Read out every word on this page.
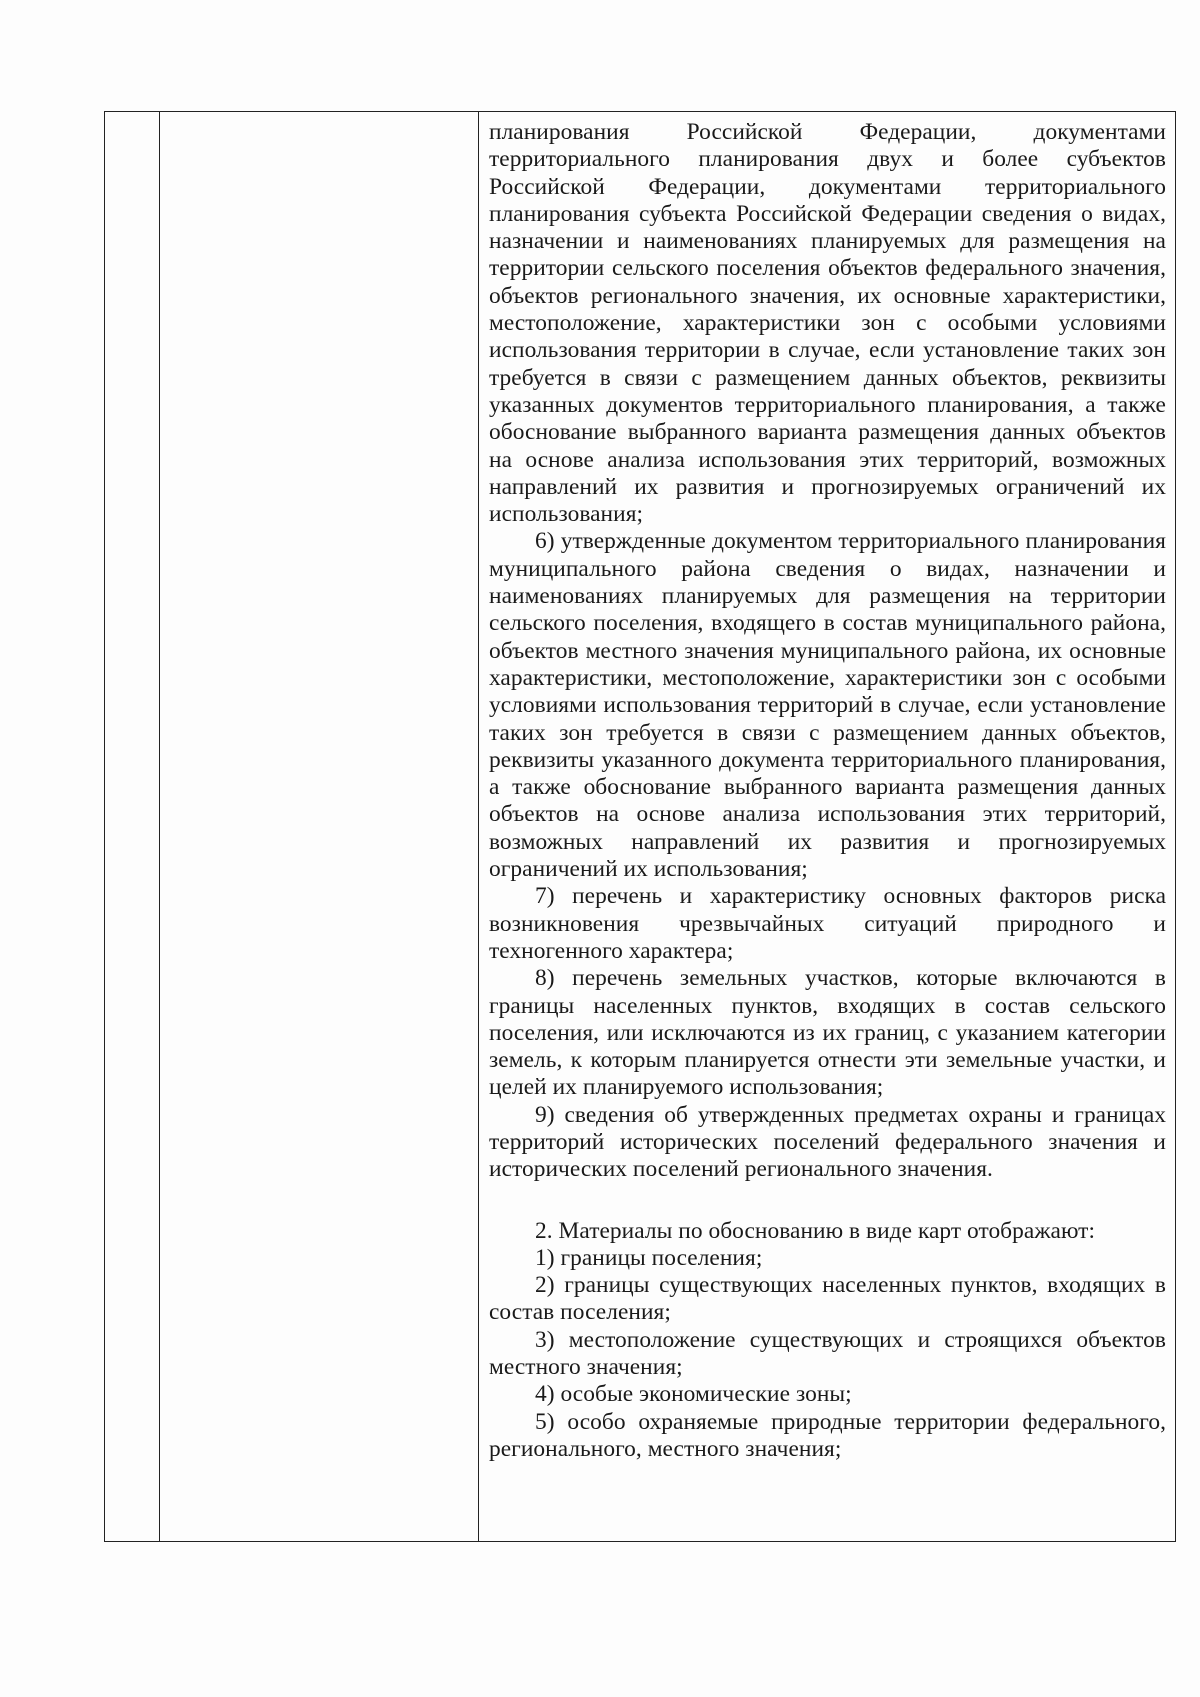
планирования Российской Федерации, документами территориального планирования двух и более субъектов Российской Федерации, документами территориального планирования субъекта Российской Федерации сведения о видах, назначении и наименованиях планируемых для размещения на территории сельского поселения объектов федерального значения, объектов регионального значения, их основные характеристики, местоположение, характеристики зон с особыми условиями использования территории в случае, если установление таких зон требуется в связи с размещением данных объектов, реквизиты указанных документов территориального планирования, а также обоснование выбранного варианта размещения данных объектов на основе анализа использования этих территорий, возможных направлений их развития и прогнозируемых ограничений их использования;

6) утвержденные документом территориального планирования муниципального района сведения о видах, назначении и наименованиях планируемых для размещения на территории сельского поселения, входящего в состав муниципального района, объектов местного значения муниципального района, их основные характеристики, местоположение, характеристики зон с особыми условиями использования территорий в случае, если установление таких зон требуется в связи с размещением данных объектов, реквизиты указанного документа территориального планирования, а также обоснование выбранного варианта размещения данных объектов на основе анализа использования этих территорий, возможных направлений их развития и прогнозируемых ограничений их использования;

7) перечень и характеристику основных факторов риска возникновения чрезвычайных ситуаций природного и техногенного характера;

8) перечень земельных участков, которые включаются в границы населенных пунктов, входящих в состав сельского поселения, или исключаются из их границ, с указанием категории земель, к которым планируется отнести эти земельные участки, и целей их планируемого использования;

9) сведения об утвержденных предметах охраны и границах территорий исторических поселений федерального значения и исторических поселений регионального значения.

2. Материалы по обоснованию в виде карт отображают:

1) границы поселения;

2) границы существующих населенных пунктов, входящих в состав поселения;

3) местоположение существующих и строящихся объектов местного значения;

4) особые экономические зоны;

5) особо охраняемые природные территории федерального, регионального, местного значения;
